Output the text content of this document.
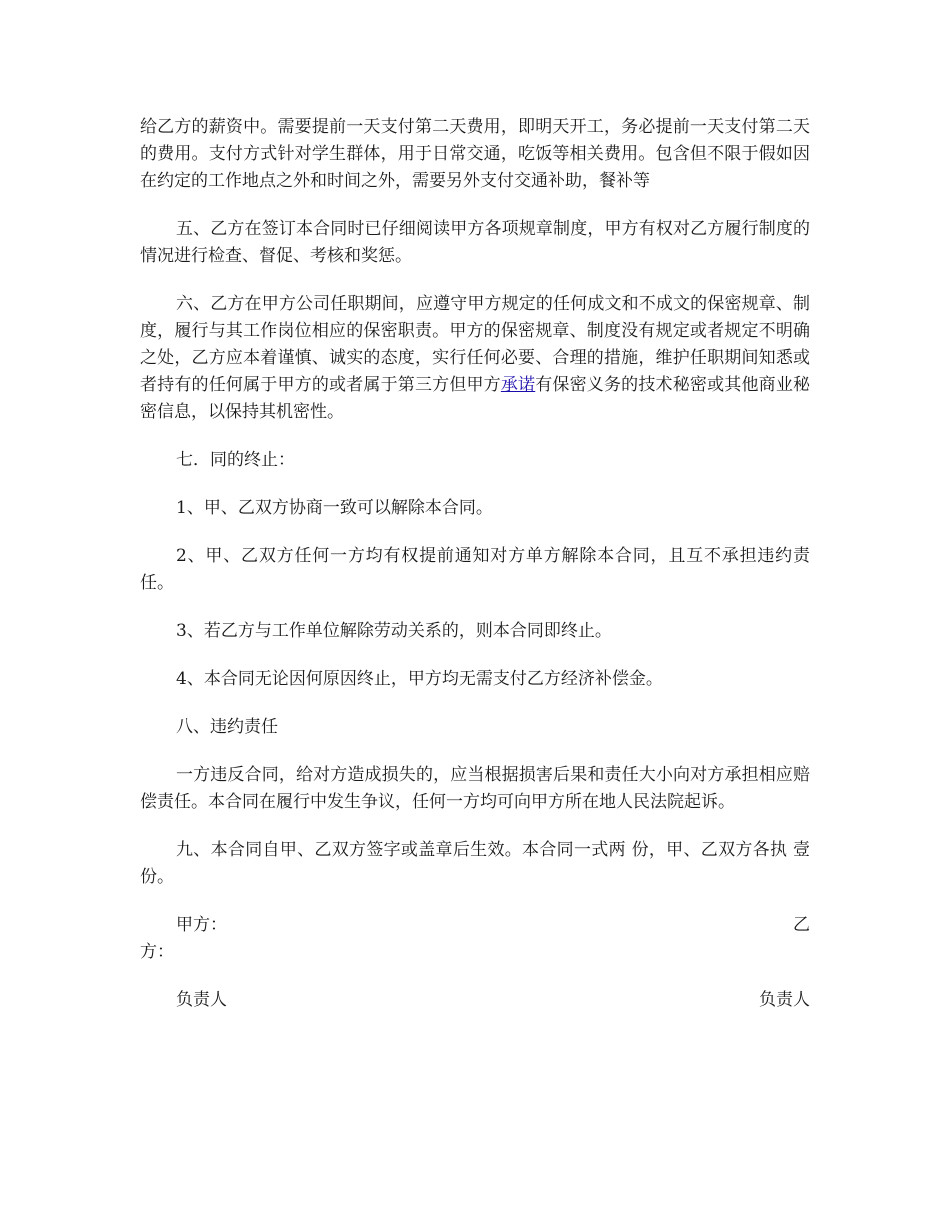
给乙方的薪资中。需要提前一天支付第二天费用，即明天开工，务必提前一天支付第二天的费用。支付方式针对学生群体，用于日常交通，吃饭等相关费用。包含但不限于假如因在约定的工作地点之外和时间之外，需要另外支付交通补助，餐补等

五、乙方在签订本合同时已仔细阅读甲方各项规章制度，甲方有权对乙方履行制度的情况进行检查、督促、考核和奖惩。

六、乙方在甲方公司任职期间，应遵守甲方规定的任何成文和不成文的保密规章、制度，履行与其工作岗位相应的保密职责。甲方的保密规章、制度没有规定或者规定不明确之处，乙方应本着谨慎、诚实的态度，实行任何必要、合理的措施，维护任职期间知悉或者持有的任何属于甲方的或者属于第三方但甲方承诺有保密义务的技术秘密或其他商业秘密信息，以保持其机密性。

七．同的终止：

1、甲、乙双方协商一致可以解除本合同。

2、甲、乙双方任何一方均有权提前通知对方单方解除本合同，且互不承担违约责任。

3、若乙方与工作单位解除劳动关系的，则本合同即终止。

4、本合同无论因何原因终止，甲方均无需支付乙方经济补偿金。

八、违约责任

一方违反合同，给对方造成损失的，应当根据损害后果和责任大小向对方承担相应赔偿责任。本合同在履行中发生争议，任何一方均可向甲方所在地人民法院起诉。

九、本合同自甲、乙双方签字或盖章后生效。本合同一式两 份，甲、乙双方各执 壹 份。

甲方：	乙
方：
负责人	负责人
